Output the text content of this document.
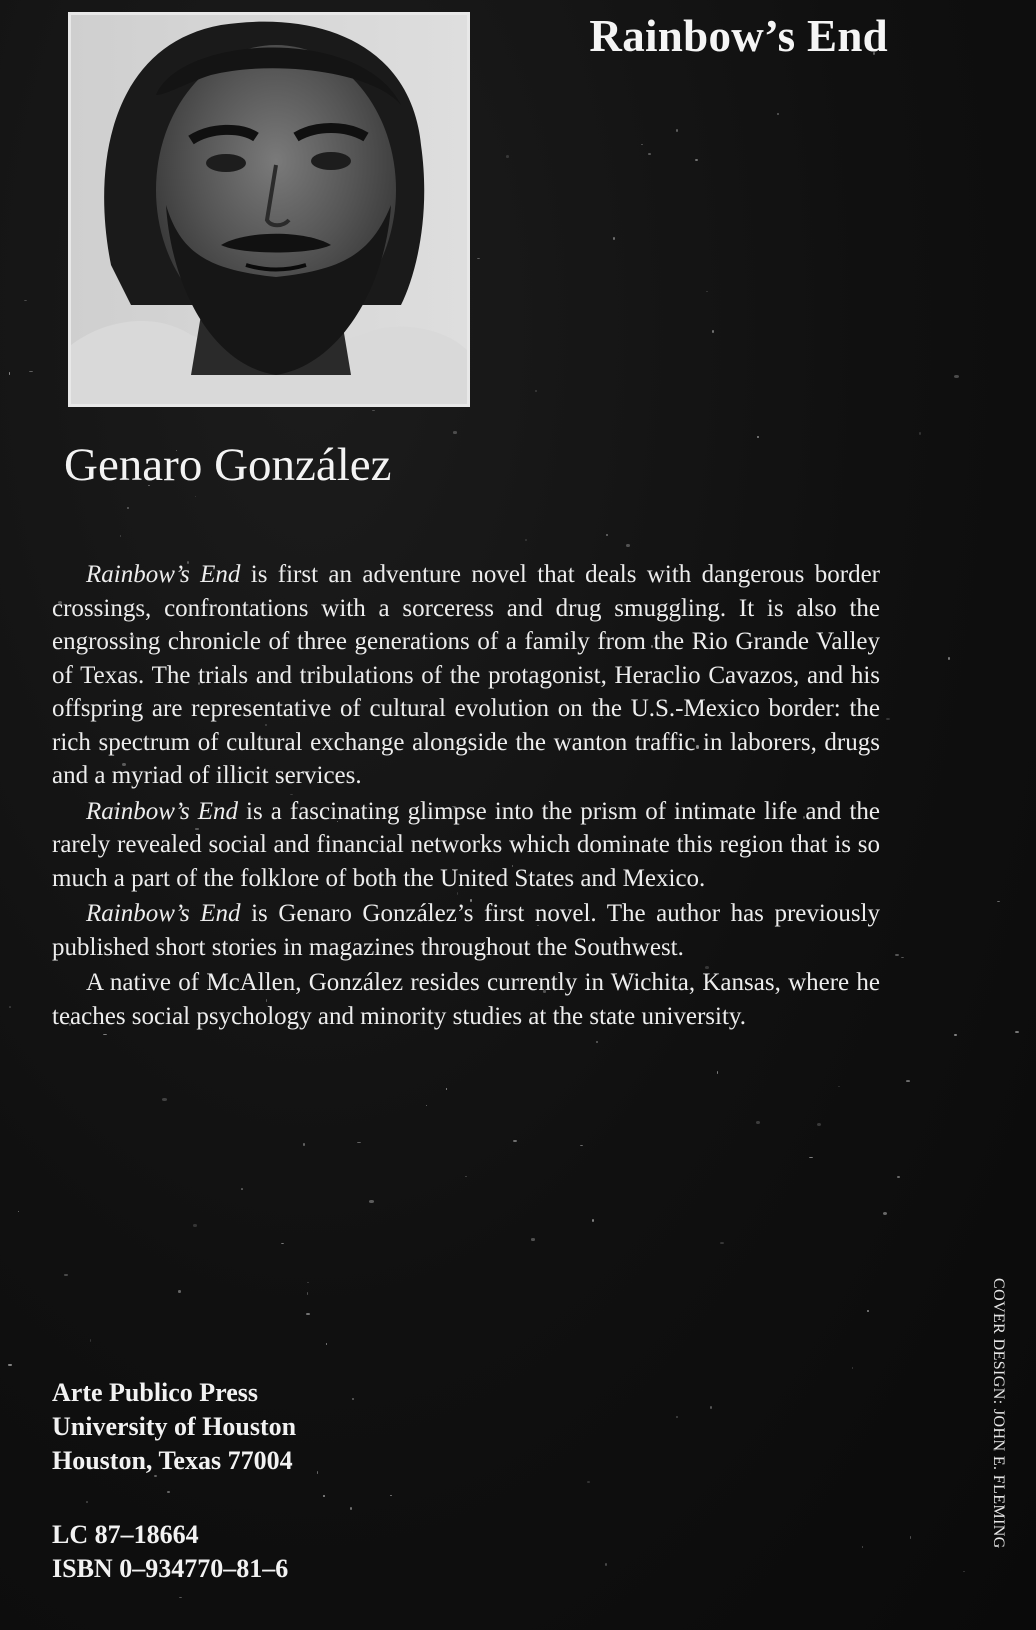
Rainbow’s End
Genaro González

Rainbow’s End is first an adventure novel that deals with dangerous border crossings, confrontations with a sorceress and drug smuggling. It is also the engrossing chronicle of three generations of a family from the Rio Grande Valley of Texas. The trials and tribulations of the protagonist, Heraclio Cavazos, and his offspring are representative of cultural evolution on the U.S.-Mexico border: the rich spectrum of cultural exchange alongside the wanton traffic in laborers, drugs and a myriad of illicit services.

Rainbow’s End is a fascinating glimpse into the prism of intimate life and the rarely revealed social and financial networks which dominate this region that is so much a part of the folklore of both the United States and Mexico.

Rainbow’s End is Genaro González’s first novel. The author has previously published short stories in magazines throughout the Southwest.

A native of McAllen, González resides currently in Wichita, Kansas, where he teaches social psychology and minority studies at the state university.

Arte Publico Press
University of Houston
Houston, Texas 77004
LC 87–18664
ISBN 0–934770–81–6
COVER DESIGN: JOHN E. FLEMING
